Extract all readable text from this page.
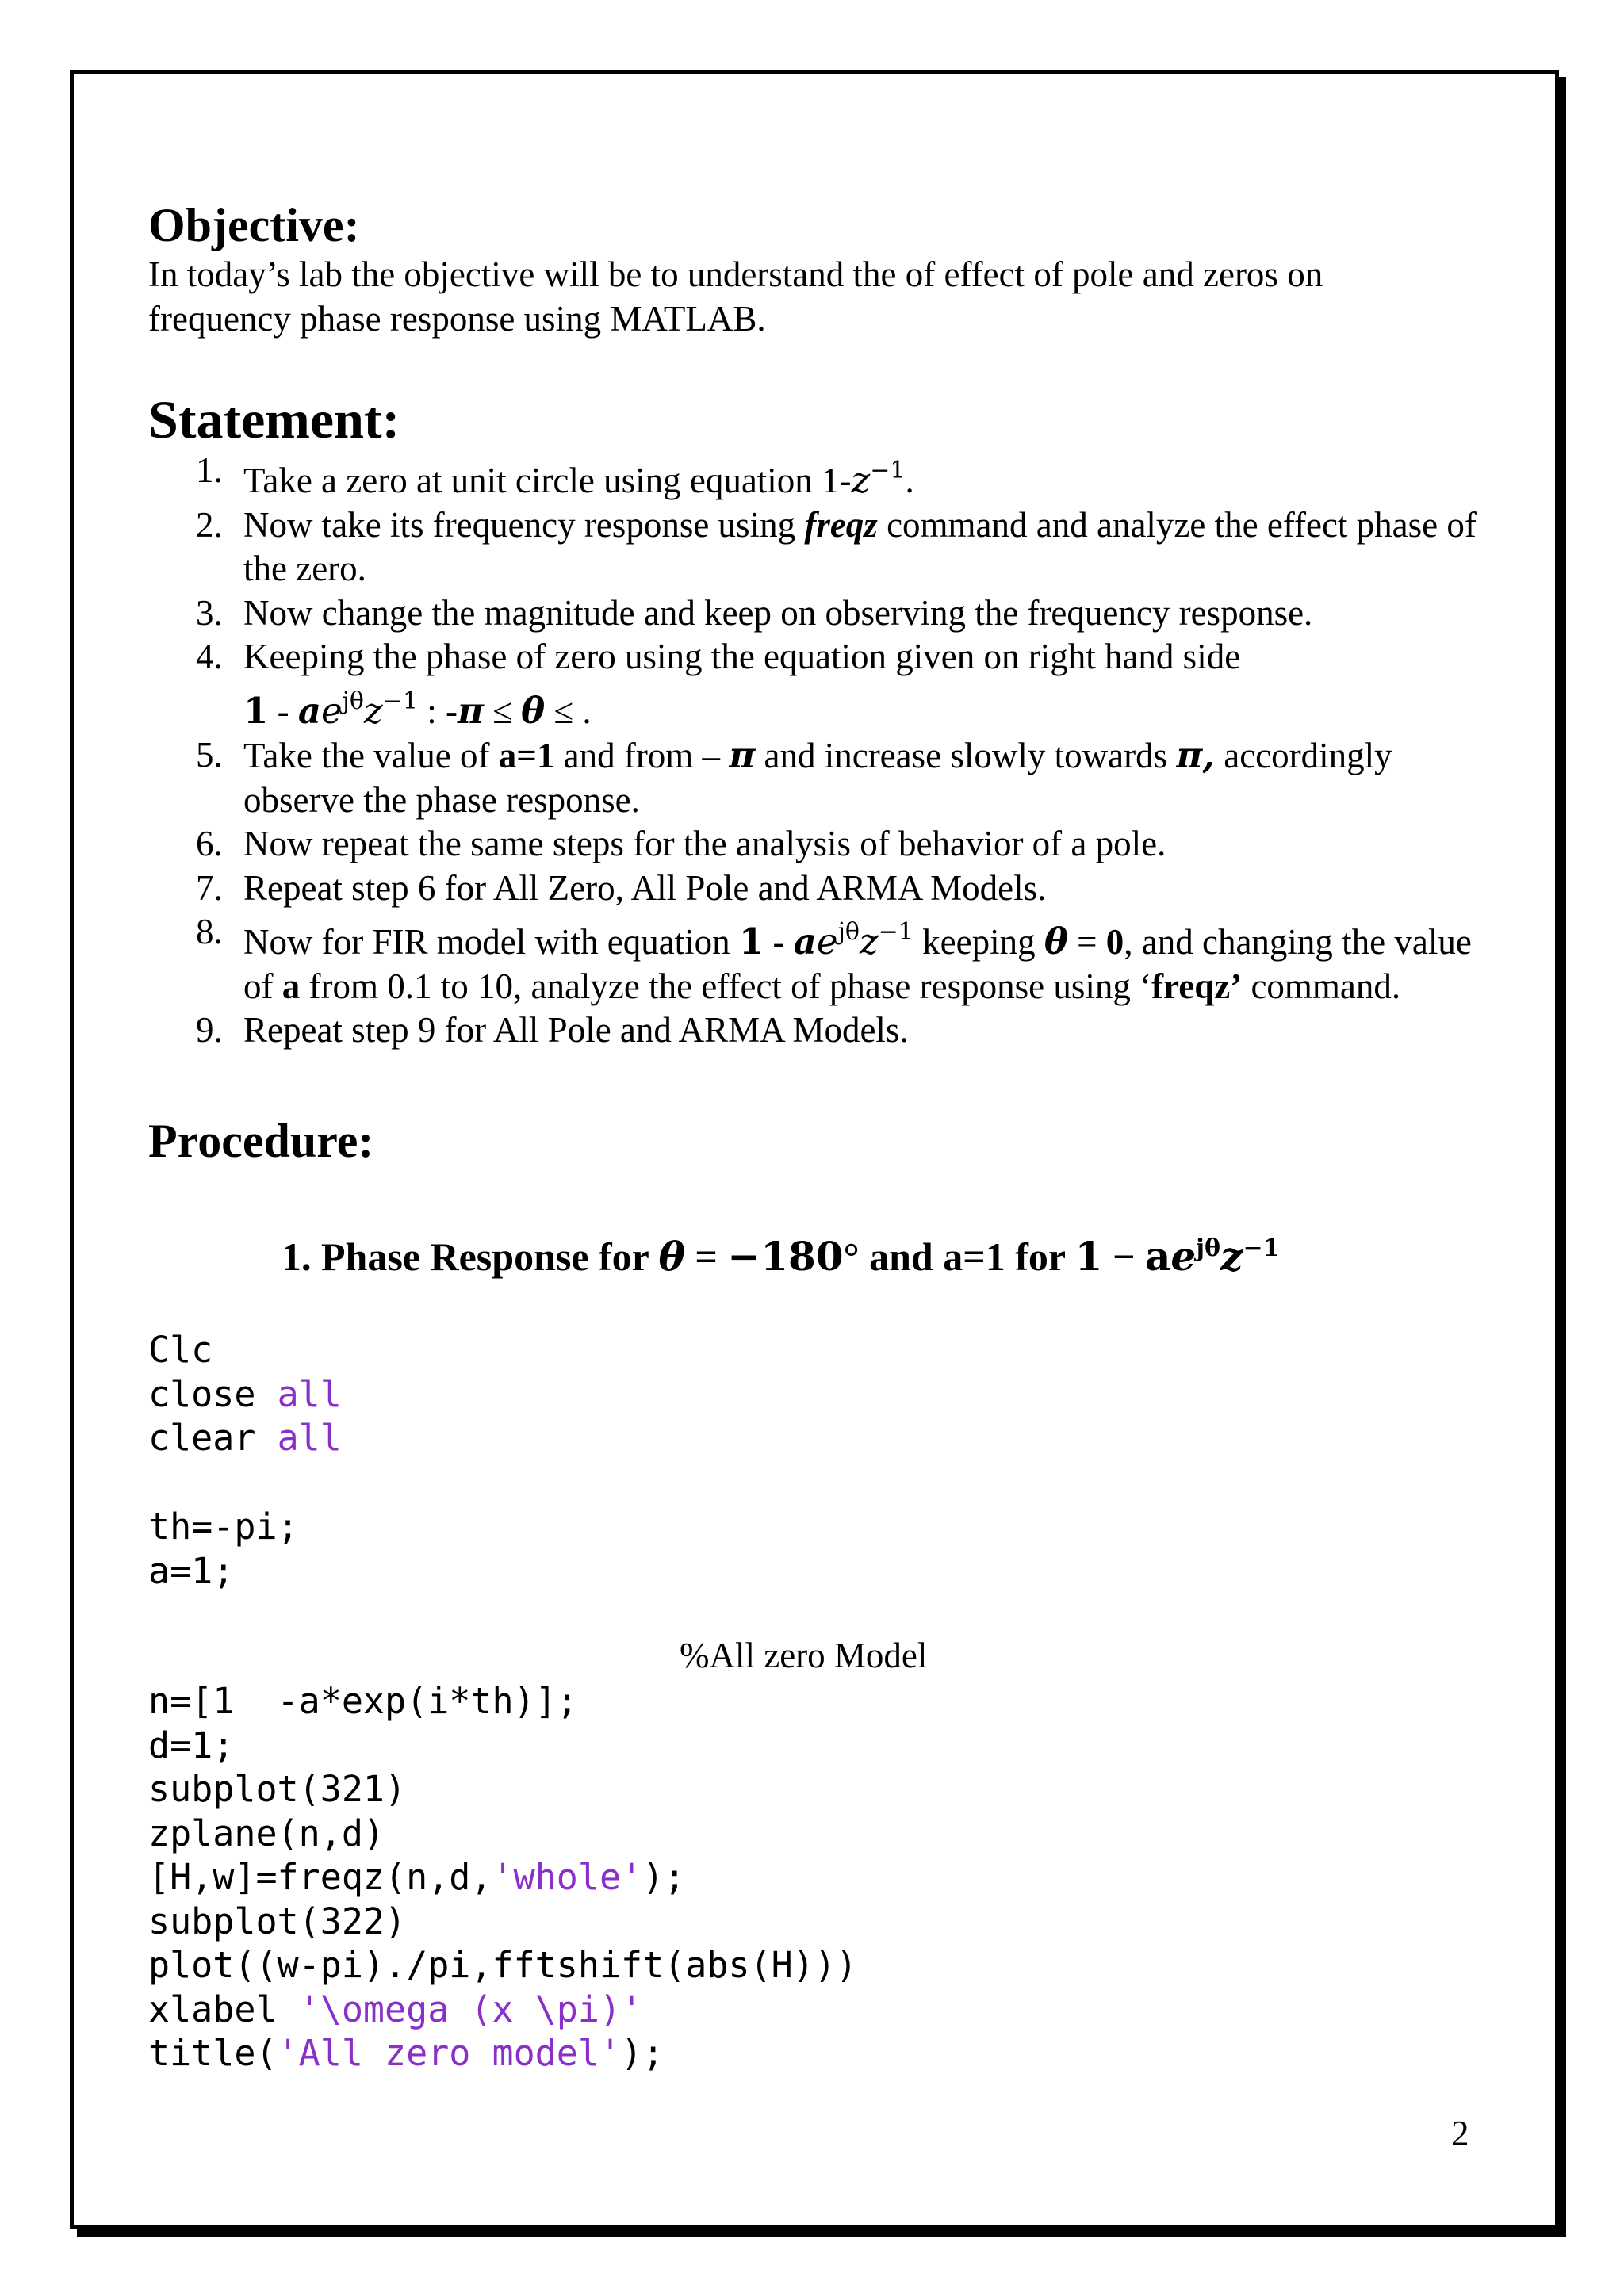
Objective:

In today’s lab the objective will be to understand the of effect of pole and zeros on frequency phase response using MATLAB.

Statement:
1. Take a zero at unit circle using equation $1-z^{-1}$.
2. Now take its frequency response using freqz command and analyze the effect phase of the zero.
3. Now change the magnitude and keep on observing the frequency response.
4. Keeping the phase of zero using the equation given on right hand side
$1 - ae^{j\theta}z^{-1}$ : -π ≤ θ ≤ .
5. Take the value of a=1 and from – π and increase slowly towards π, accordingly observe the phase response.
6. Now repeat the same steps for the analysis of behavior of a pole.
7. Repeat step 6 for All Zero, All Pole and ARMA Models.
8. Now for FIR model with equation $1 - ae^{j\theta}z^{-1}$ keeping θ = 0, and changing the value of a from 0.1 to 10, analyze the effect of phase response using ‘freqz’ command.
9. Repeat step 9 for All Pole and ARMA Models.
Procedure:
1. Phase Response for θ = −180° and a=1 for $1 - ae^{j\theta}z^{-1}$
Clc
close all
clear all
th=-pi;
a=1;
%All zero Model
n=[1  -a*exp(i*th)];
d=1;
subplot(321)
zplane(n,d)
[H,w]=freqz(n,d,'whole');
subplot(322)
plot((w-pi)./pi,fftshift(abs(H)))
xlabel '\omega (x \pi)'
title('All zero model');
2
